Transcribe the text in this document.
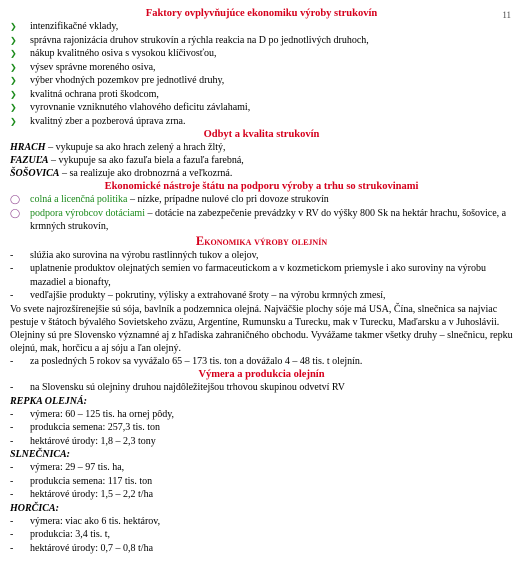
11

Faktory ovplyvňujúce ekonomiku výroby strukovín

❯
intenzifikačné vklady,
❯
správna rajonizácia druhov strukovín a rýchla reakcia na D po jednotlivých druhoch,
❯
nákup kvalitného osiva s vysokou klíčivosťou,
❯
výsev správne moreného osiva,
❯
výber vhodných pozemkov pre jednotlivé druhy,
❯
kvalitná ochrana proti škodcom,
❯
vyrovnanie vzniknutého vlahového deficitu závlahami,
❯
kvalitný zber a pozberová úprava zrna.

Odbyt a kvalita strukovín

HRACH – vykupuje sa ako hrach zelený a hrach žltý,

FAZUĽA – vykupuje sa ako fazuľa biela a fazuľa farebná,

ŠOŠOVICA – sa realizuje ako drobnozrná a veľkozrná.

Ekonomické nástroje štátu na podporu výroby a trhu so strukovinami

◯ colná a licenčná politika – nízke, prípadne nulové clo pri dovoze strukovín
◯ podpora výrobcov dotáciami – dotácie na zabezpečenie prevádzky v RV do výšky 800 Sk na hektár hrachu, šošovice, a krmných strukovín,

Ekonomika výroby olejnín

-
slúžia ako surovina na výrobu rastlinných tukov a olejov,
-
uplatnenie produktov olejnatých semien vo farmaceutickom a v kozmetickom priemysle i ako suroviny na výrobu mazadiel a bionafty,
-
vedľajšie produkty – pokrutiny, výlisky a extrahované šroty – na výrobu krmných zmesí,

Vo svete najrozšírenejšie sú sója, bavlník a podzemnica olejná. Najväčšie plochy sóje má USA, Čína, slnečnica sa najviac pestuje v štátoch bývalého Sovietskeho zväzu, Argentíne, Rumunsku a Turecku, mak v Turecku, Maďarsku a v Juhoslávii.

Olejniny sú pre Slovensko významné aj z hľadiska zahraničného obchodu. Vyvážame takmer všetky druhy – slnečnicu, repku olejnú, mak, horčicu a aj sóju a ľan olejný.

-
za posledných 5 rokov sa vyvážalo 65 – 173 tis. ton a dovážalo 4 – 48 tis. t olejnín.

Výmera a produkcia olejnín

-
na Slovensku sú olejniny druhou najdôležitejšou trhovou skupinou odvetví RV

REPKA OLEJNÁ:

-
výmera: 60 – 125 tis. ha ornej pôdy,
-
produkcia semena: 257,3 tis. ton
-
hektárové úrody: 1,8 – 2,3 tony

SLNEČNICA:

-
výmera: 29 – 97 tis. ha,
-
produkcia semena: 117 tis. ton
-
hektárové úrody: 1,5 – 2,2 t/ha

HORČICA:

-
výmera: viac ako 6 tis. hektárov,
-
produkcia: 3,4 tis. t,
-
hektárové úrody: 0,7 – 0,8 t/ha
